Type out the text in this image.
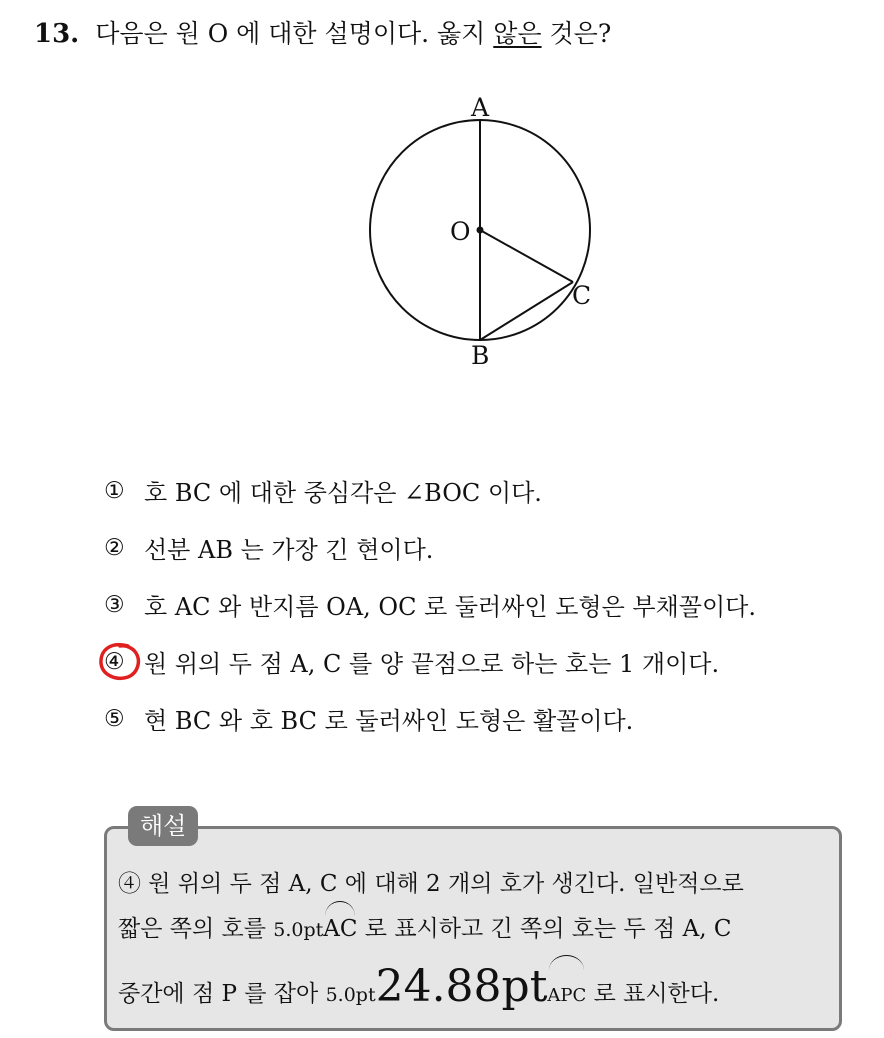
13. 다음은 원 O 에 대한 설명이다. 옳지 않은 것은?
A
O
C
B
① 호 BC 에 대한 중심각은 ∠BOC 이다.
② 선분 AB 는 가장 긴 현이다.
③ 호 AC 와 반지름 OA, OC 로 둘러싸인 도형은 부채꼴이다.
④ 원 위의 두 점 A, C 를 양 끝점으로 하는 호는 1 개이다.
⑤ 현 BC 와 호 BC 로 둘러싸인 도형은 활꼴이다.
해설
④ 원 위의 두 점 A, C 에 대해 2 개의 호가 생긴다. 일반적으로
짧은 쪽의 호를 5.0ptAC 로 표시하고 긴 쪽의 호는 두 점 A, C
중간에 점 P 를 잡아 5.0pt24.88ptAPC 로 표시한다.
